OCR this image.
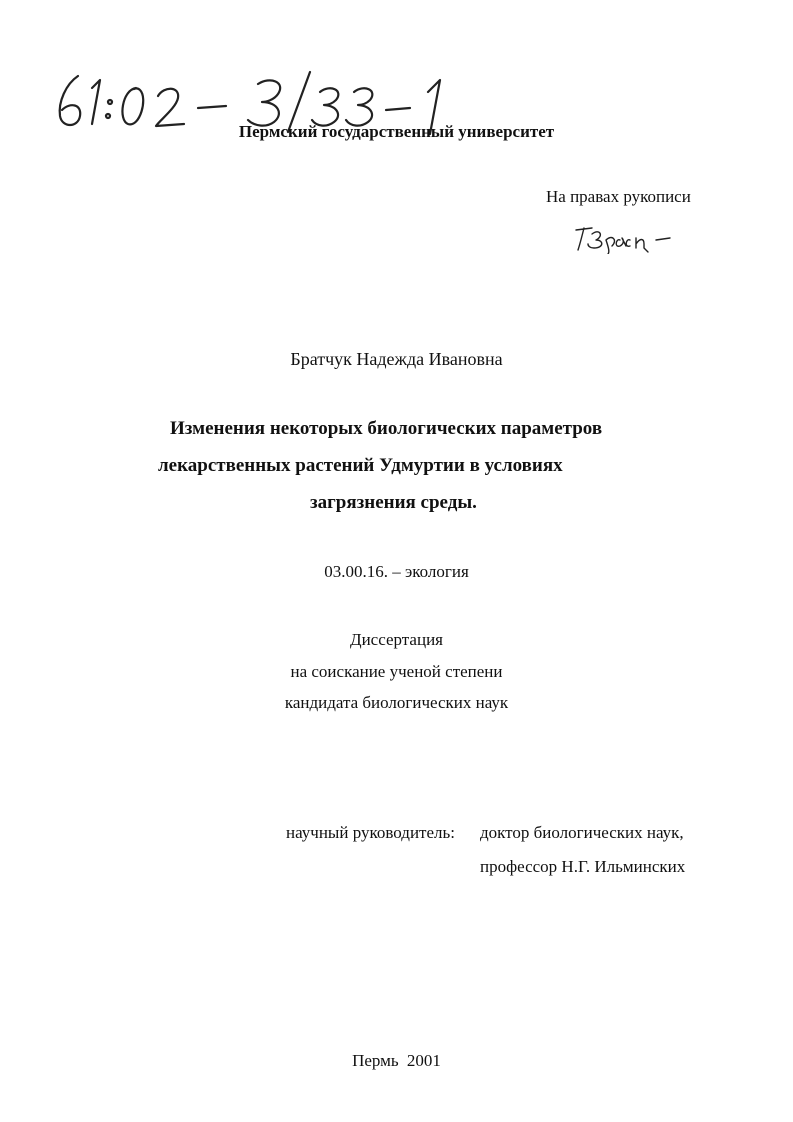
Пермский государственный университет
На правах рукописи
Братчук Надежда Ивановна
Изменения некоторых биологических параметров
лекарственных растений Удмуртии в условиях
загрязнения среды.
03.00.16. – экология
Диссертация
на соискание ученой степени
кандидата биологических наук
научный руководитель: доктор биологических наук,
профессор Н.Г. Ильминских
Пермь 2001
